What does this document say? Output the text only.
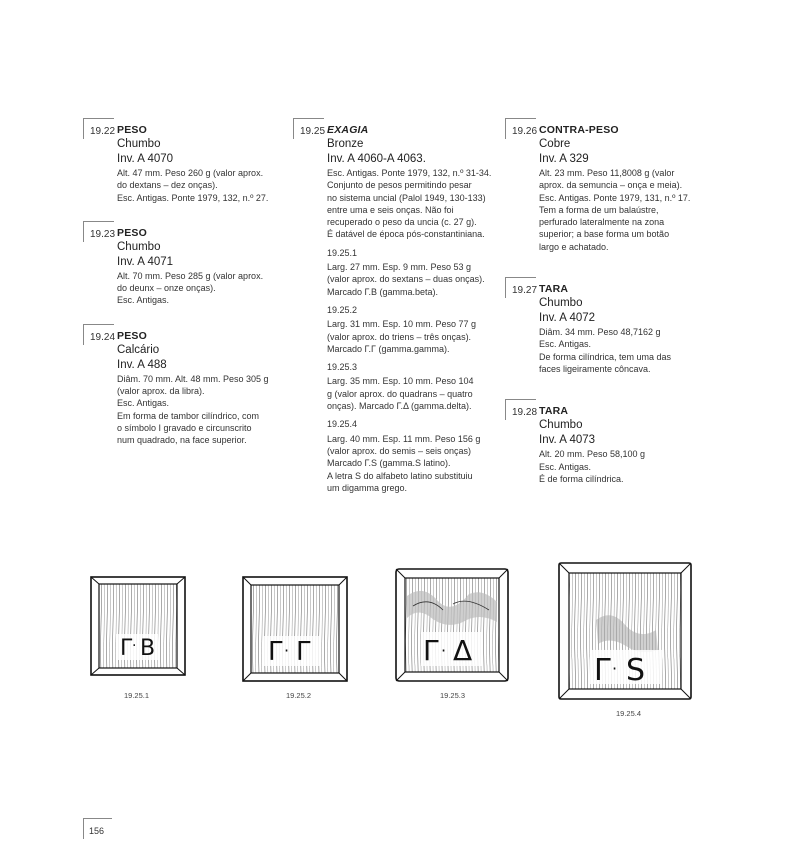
19.22 PESO
Chumbo
Inv. A 4070

Alt. 47 mm. Peso 260 g (valor aprox.

do dextans – dez onças).

Esc. Antigas. Ponte 1979, 132, n.º 27.

19.23 PESO
Chumbo
Inv. A 4071

Alt. 70 mm. Peso 285 g (valor aprox.

do deunx – onze onças).

Esc. Antigas.

19.24 PESO
Calcário
Inv. A 488

Diâm. 70 mm. Alt. 48 mm. Peso 305 g

(valor aprox. da libra).

Esc. Antigas.

Em forma de tambor cilíndrico, com

o símbolo I gravado e circunscrito

num quadrado, na face superior.

19.25 EXAGIA
Bronze
Inv. A 4060-A 4063.

Esc. Antigas. Ponte 1979, 132, n.º 31-34.

Conjunto de pesos permitindo pesar

no sistema uncial (Palol 1949, 130-133)

entre uma e seis onças. Não foi

recuperado o peso da uncia (c. 27 g).

É datável de época pós-constantiniana.

19.25.1

Larg. 27 mm. Esp. 9 mm. Peso 53 g

(valor aprox. do sextans – duas onças).

Marcado Γ.B (gamma.beta).

19.25.2

Larg. 31 mm. Esp. 10 mm. Peso 77 g

(valor aprox. do triens – três onças).

Marcado Γ.Γ (gamma.gamma).

19.25.3

Larg. 35 mm. Esp. 10 mm. Peso 104

g (valor aprox. do quadrans – quatro

onças). Marcado Γ.Δ (gamma.delta).

19.25.4

Larg. 40 mm. Esp. 11 mm. Peso 156 g

(valor aprox. do semis – seis onças)

Marcado Γ.S (gamma.S latino).

A letra S do alfabeto latino substituiu

um digamma grego.

19.26 CONTRA-PESO
Cobre
Inv. A 329

Alt. 23 mm. Peso 11,8008 g (valor

aprox. da semuncia – onça e meia).

Esc. Antigas. Ponte 1979, 131, n.º 17.

Tem a forma de um balaústre,

perfurado lateralmente na zona

superior; a base forma um botão

largo e achatado.

19.27 TARA
Chumbo
Inv. A 4072

Diâm. 34 mm. Peso 48,7162 g

Esc. Antigas.

De forma cilíndrica, tem uma das

faces ligeiramente côncava.

19.28 TARA
Chumbo
Inv. A 4073

Alt. 20 mm. Peso 58,100 g

Esc. Antigas.

É de forma cilíndrica.

Γ · B
19.25.1
Γ · Γ
19.25.2
Γ · Δ
19.25.3
Γ · S
19.25.4
156
